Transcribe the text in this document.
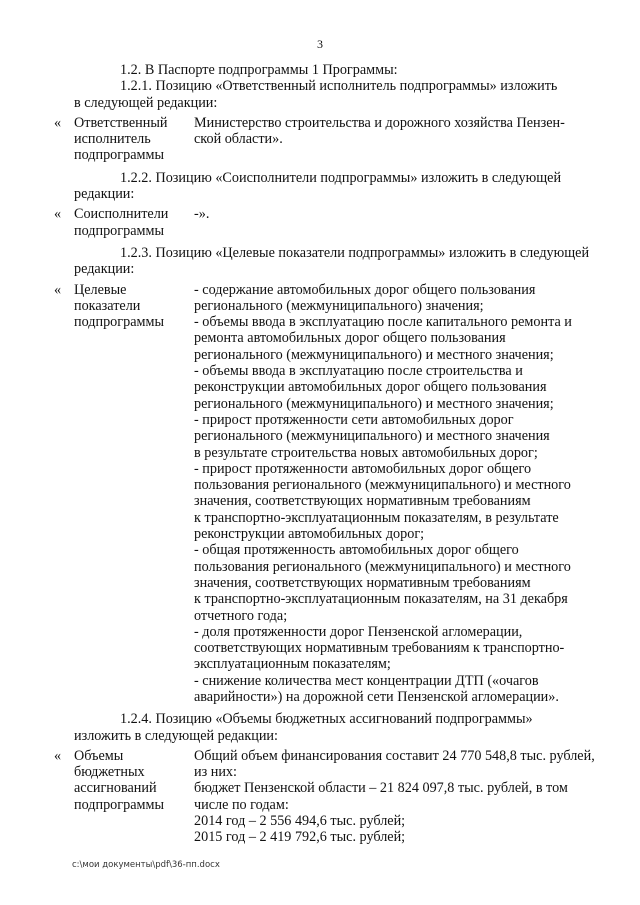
3

1.2. В Паспорте подпрограммы 1 Программы:

1.2.1. Позицию «Ответственный исполнитель подпрограммы» изложить

в следующей редакции:

« Ответственный
исполнитель
подпрограммы
Министерство строительства и дорожного хозяйства Пензен-
ской области».

1.2.2. Позицию «Соисполнители подпрограммы» изложить в следующей

редакции:

« Соисполнители
подпрограммы
-».

1.2.3. Позицию «Целевые показатели подпрограммы» изложить в следующей

редакции:

« Целевые
показатели
подпрограммы
- содержание автомобильных дорог общего пользования
регионального (межмуниципального) значения;
- объемы ввода в эксплуатацию после капитального ремонта и
ремонта автомобильных дорог общего пользования
регионального (межмуниципального) и местного значения;
- объемы ввода в эксплуатацию после строительства и
реконструкции автомобильных дорог общего пользования
регионального (межмуниципального) и местного значения;
- прирост протяженности сети автомобильных дорог
регионального (межмуниципального) и местного значения
в результате строительства новых автомобильных дорог;
- прирост протяженности автомобильных дорог общего
пользования регионального (межмуниципального) и местного
значения, соответствующих нормативным требованиям
к транспортно-эксплуатационным показателям, в результате
реконструкции автомобильных дорог;
- общая протяженность автомобильных дорог общего
пользования регионального (межмуниципального) и местного
значения, соответствующих нормативным требованиям
к транспортно-эксплуатационным показателям, на 31 декабря
отчетного года;
- доля протяженности дорог Пензенской агломерации,
соответствующих нормативным требованиям к транспортно-
эксплуатационным показателям;
- снижение количества мест концентрации ДТП («очагов
аварийности») на дорожной сети Пензенской агломерации».

1.2.4. Позицию «Объемы бюджетных ассигнований подпрограммы»

изложить в следующей редакции:

« Объемы
бюджетных
ассигнований
подпрограммы
Общий объем финансирования составит 24 770 548,8 тыс. рублей,
из них:
бюджет Пензенской области – 21 824 097,8 тыс. рублей, в том
числе по годам:
2014 год – 2 556 494,6 тыс. рублей;
2015 год – 2 419 792,6 тыс. рублей;
c:\мои документы\pdf\36-пп.docx
